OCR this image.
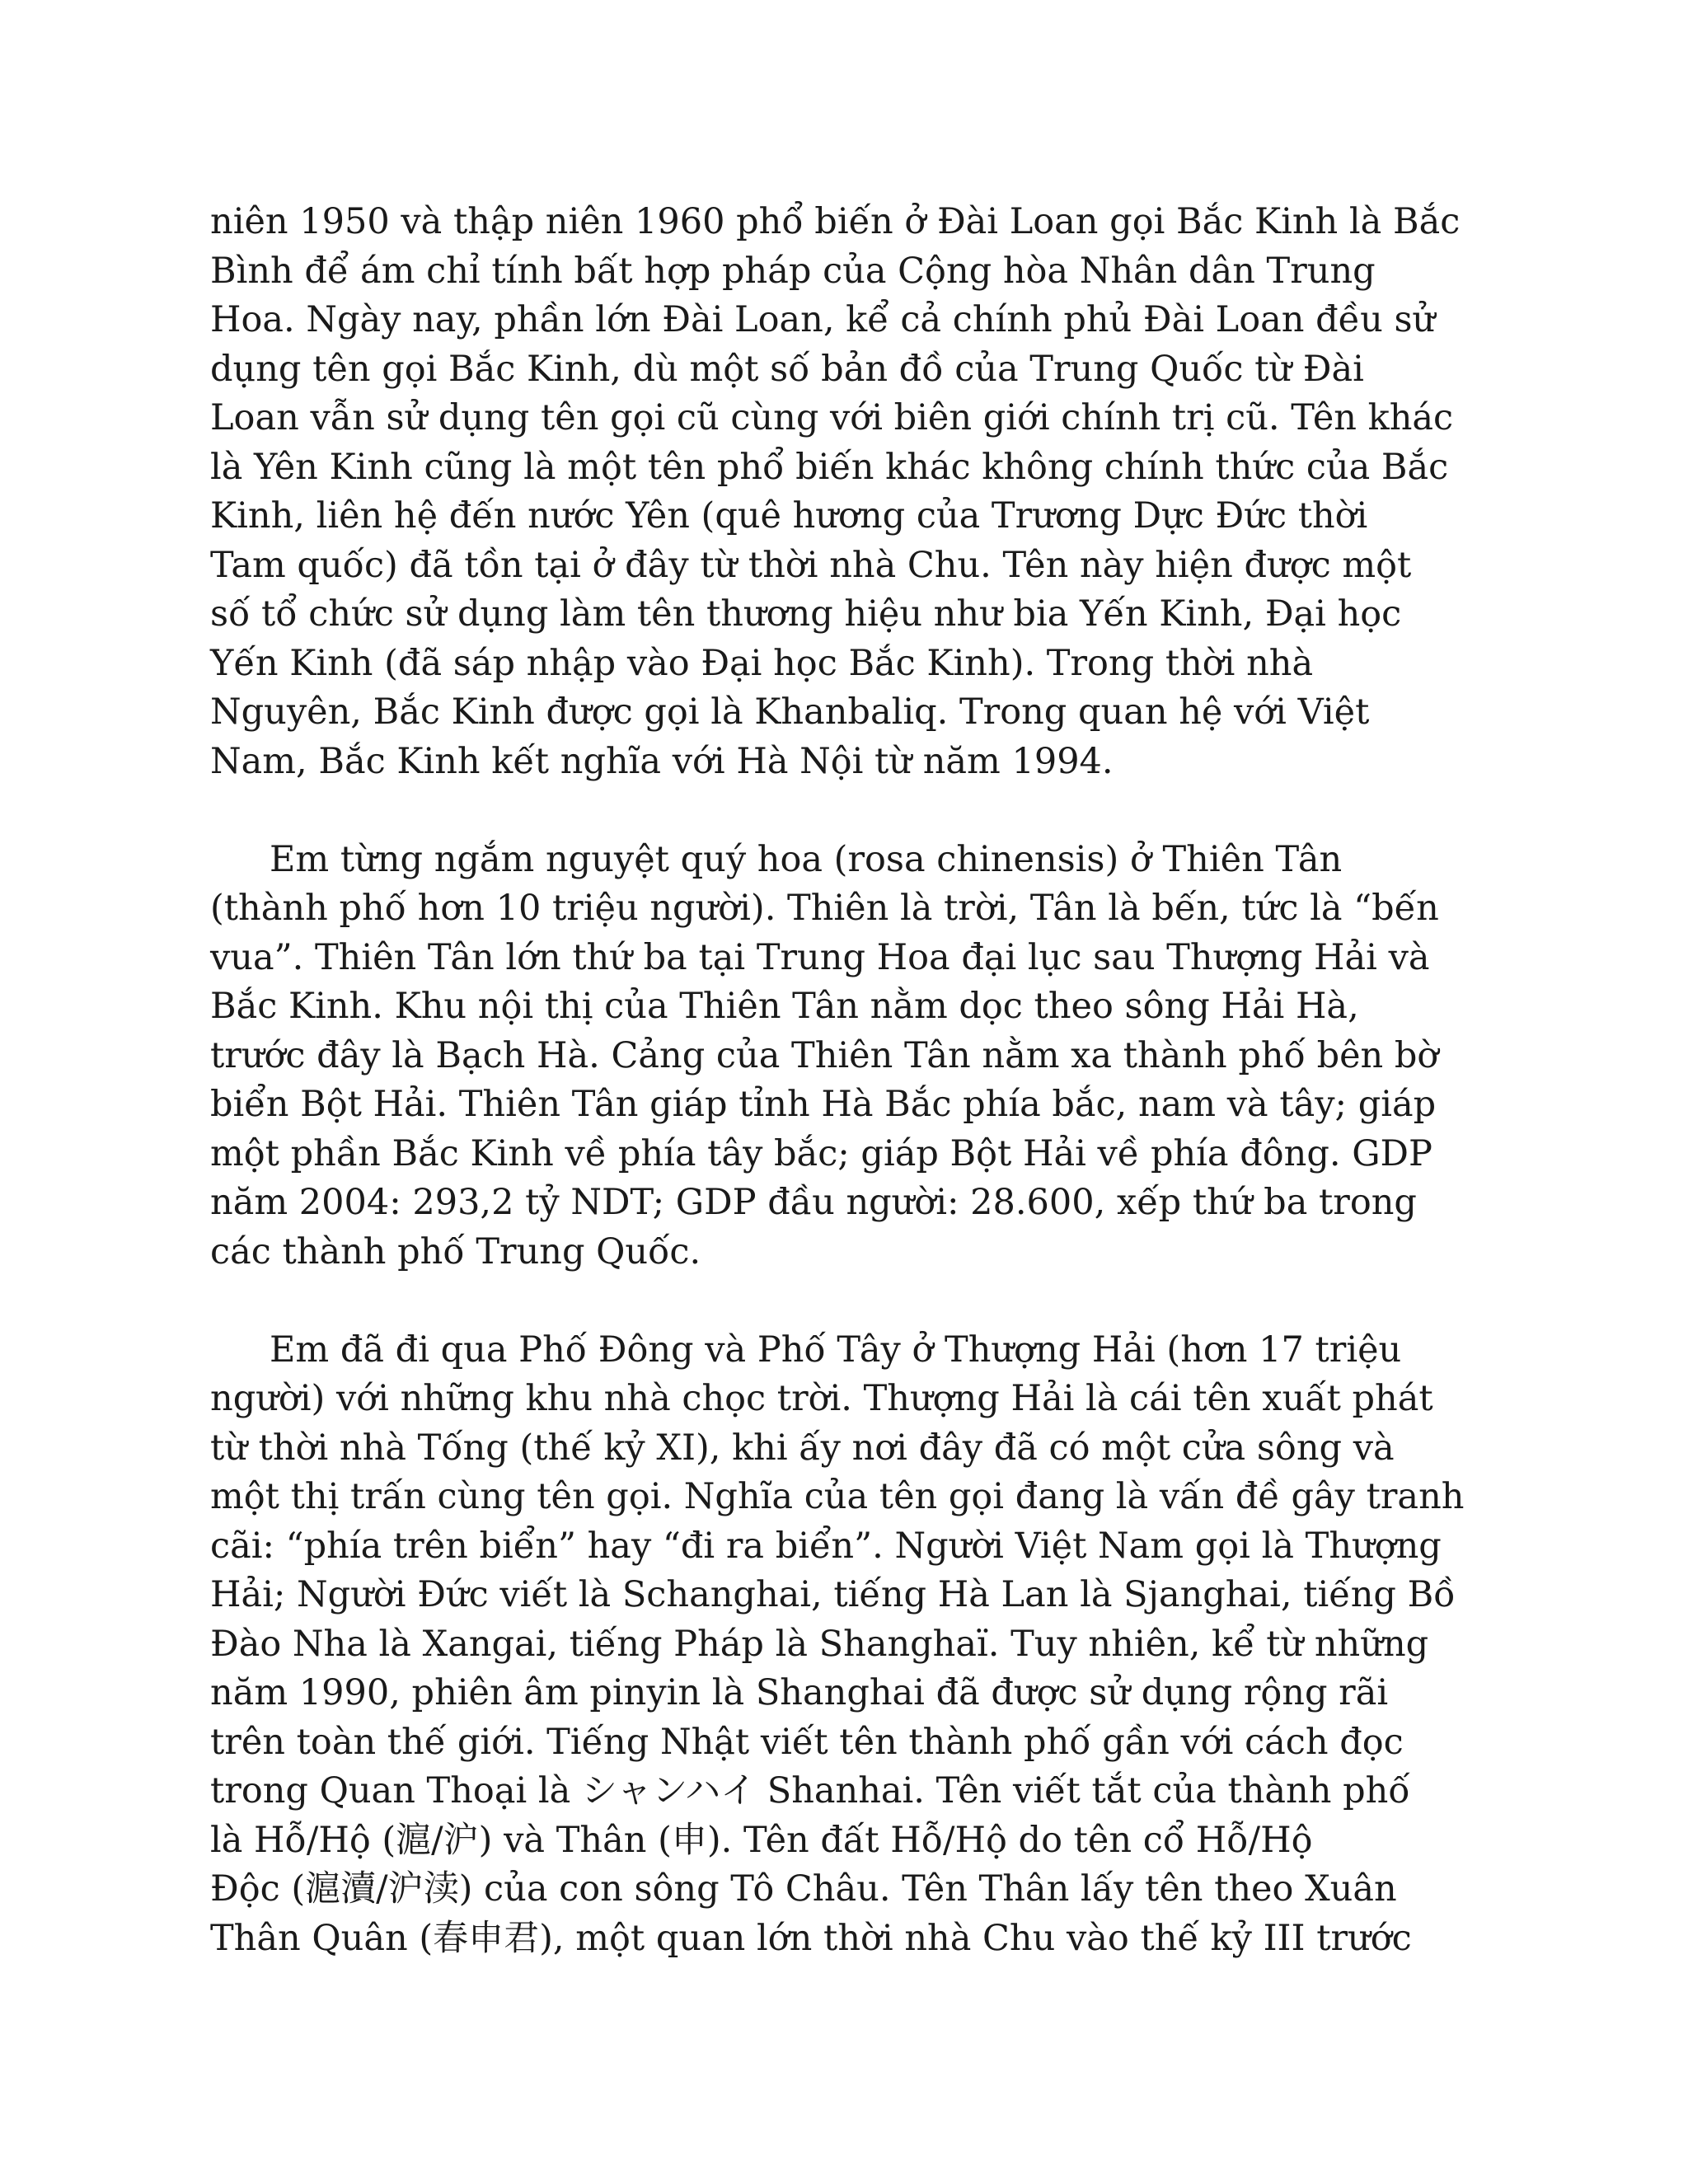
niên 1950 và thập niên 1960 phổ biến ở Đài Loan gọi Bắc Kinh là Bắc
Bình để ám chỉ tính bất hợp pháp của Cộng hòa Nhân dân Trung
Hoa. Ngày nay, phần lớn Đài Loan, kể cả chính phủ Đài Loan đều sử
dụng tên gọi Bắc Kinh, dù một số bản đồ của Trung Quốc từ Đài
Loan vẫn sử dụng tên gọi cũ cùng với biên giới chính trị cũ. Tên khác
là Yên Kinh cũng là một tên phổ biến khác không chính thức của Bắc
Kinh, liên hệ đến nước Yên (quê hương của Trương Dực Đức thời
Tam quốc) đã tồn tại ở đây từ thời nhà Chu. Tên này hiện được một
số tổ chức sử dụng làm tên thương hiệu như bia Yến Kinh, Đại học
Yến Kinh (đã sáp nhập vào Đại học Bắc Kinh). Trong thời nhà
Nguyên, Bắc Kinh được gọi là Khanbaliq. Trong quan hệ với Việt
Nam, Bắc Kinh kết nghĩa với Hà Nội từ năm 1994.
Em từng ngắm nguyệt quý hoa (rosa chinensis) ở Thiên Tân
(thành phố hơn 10 triệu người). Thiên là trời, Tân là bến, tức là “bến
vua”. Thiên Tân lớn thứ ba tại Trung Hoa đại lục sau Thượng Hải và
Bắc Kinh. Khu nội thị của Thiên Tân nằm dọc theo sông Hải Hà,
trước đây là Bạch Hà. Cảng của Thiên Tân nằm xa thành phố bên bờ
biển Bột Hải. Thiên Tân giáp tỉnh Hà Bắc phía bắc, nam và tây; giáp
một phần Bắc Kinh về phía tây bắc; giáp Bột Hải về phía đông. GDP
năm 2004: 293,2 tỷ NDT; GDP đầu người: 28.600, xếp thứ ba trong
các thành phố Trung Quốc.
Em đã đi qua Phố Đông và Phố Tây ở Thượng Hải (hơn 17 triệu
người) với những khu nhà chọc trời. Thượng Hải là cái tên xuất phát
từ thời nhà Tống (thế kỷ XI), khi ấy nơi đây đã có một cửa sông và
một thị trấn cùng tên gọi. Nghĩa của tên gọi đang là vấn đề gây tranh
cãi: “phía trên biển” hay “đi ra biển”. Người Việt Nam gọi là Thượng
Hải; Người Đức viết là Schanghai, tiếng Hà Lan là Sjanghai, tiếng Bồ
Đào Nha là Xangai, tiếng Pháp là Shanghaï. Tuy nhiên, kể từ những
năm 1990, phiên âm pinyin là Shanghai đã được sử dụng rộng rãi
trên toàn thế giới. Tiếng Nhật viết tên thành phố gần với cách đọc
trong Quan Thoại là シャンハイ Shanhai. Tên viết tắt của thành phố
là Hỗ/Hộ (滬/沪) và Thân (申). Tên đất Hỗ/Hộ do tên cổ Hỗ/Hộ
Độc (滬瀆/沪渎) của con sông Tô Châu. Tên Thân lấy tên theo Xuân
Thân Quân (春申君), một quan lớn thời nhà Chu vào thế kỷ III trước
